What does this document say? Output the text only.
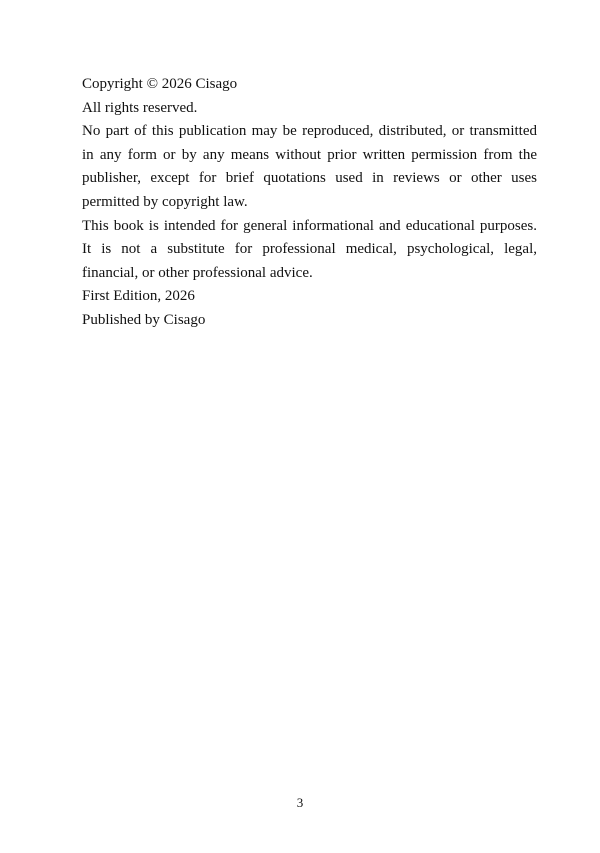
Copyright © 2026 Cisago

All rights reserved.

No part of this publication may be reproduced, distributed, or transmitted in any form or by any means without prior written permission from the publisher, except for brief quotations used in reviews or other uses permitted by copyright law.

This book is intended for general informational and educational purposes. It is not a substitute for professional medical, psychological, legal, financial, or other professional advice.

First Edition, 2026

Published by Cisago

3
